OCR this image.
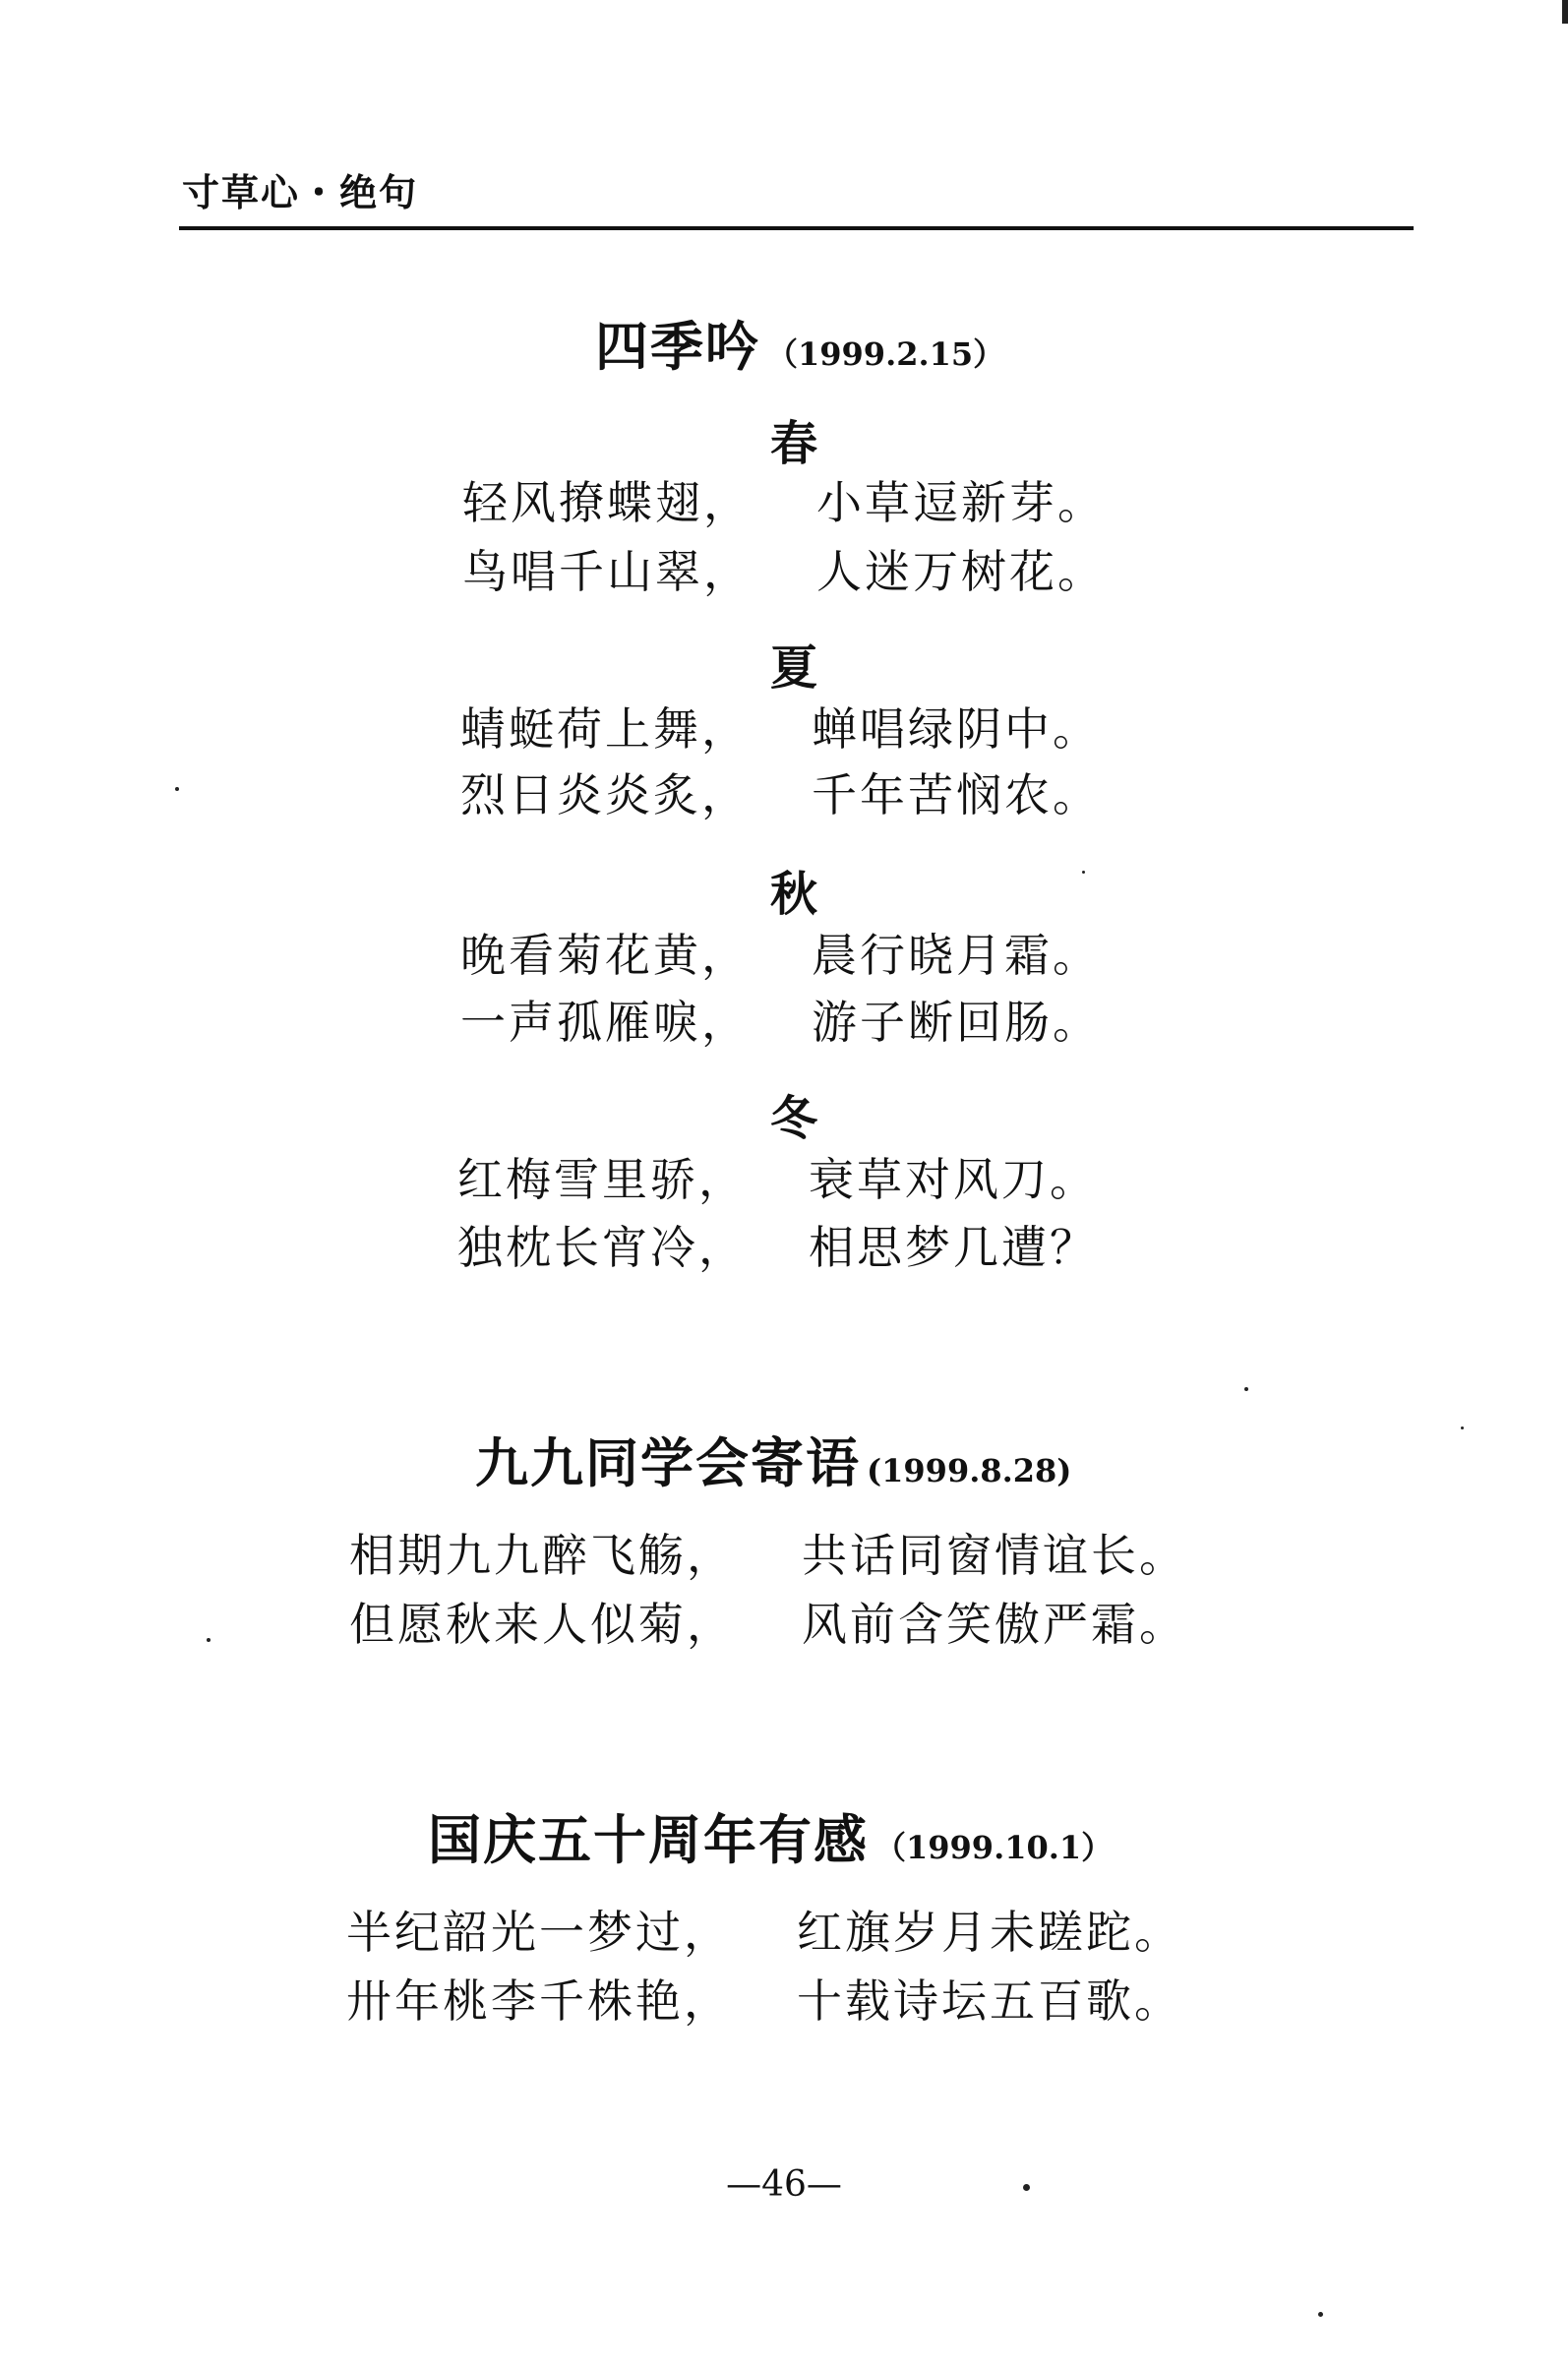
寸草心・绝句
四季吟 （1999.2.15）
春
轻风撩蝶翅， 小草逗新芽。
鸟唱千山翠， 人迷万树花。
夏
蜻蜓荷上舞， 蝉唱绿阴中。
烈日炎炎炙， 千年苦悯农。
秋
晚看菊花黄， 晨行晓月霜。
一声孤雁唳， 游子断回肠。
冬
红梅雪里骄， 衰草对风刀。
独枕长宵冷， 相思梦几遭？
九九同学会寄语 (1999.8.28)
相期九九醉飞觞， 共话同窗情谊长。
但愿秋来人似菊， 风前含笑傲严霜。
国庆五十周年有感 （1999.10.1）
半纪韶光一梦过， 红旗岁月未蹉跎。
卅年桃李千株艳， 十载诗坛五百歌。
—46—
